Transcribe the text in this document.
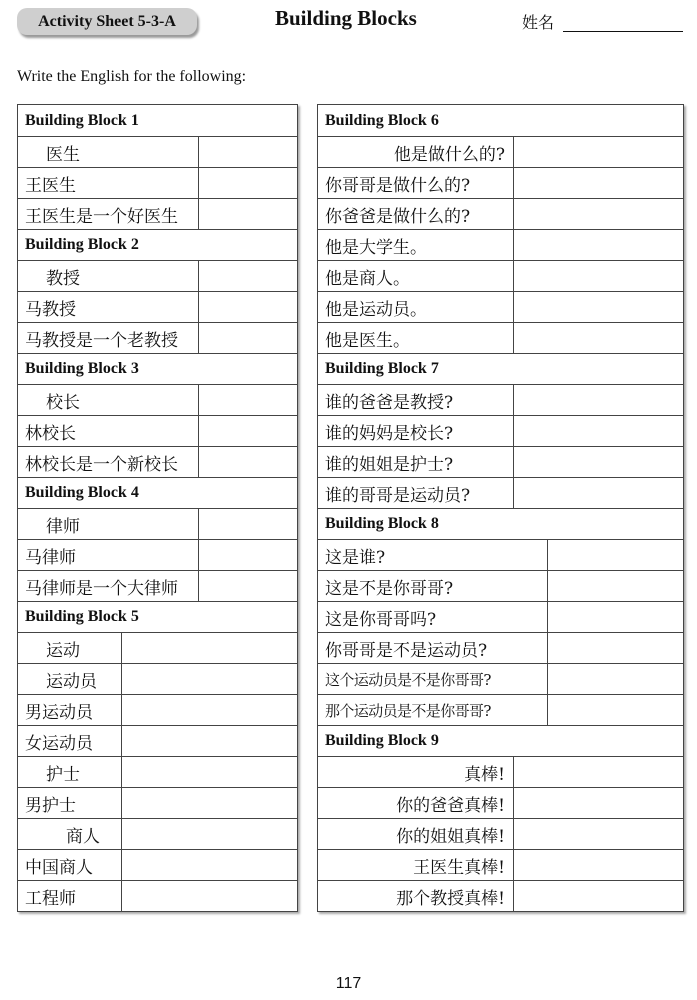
Activity Sheet 5-3-A	Building Blocks	姓名
Write the English for the following:
Building Block 1
医生
王医生
王医生是一个好医生
Building Block 2
教授
马教授
马教授是一个老教授
Building Block 3
校长
林校长
林校长是一个新校长
Building Block 4
律师
马律师
马律师是一个大律师
Building Block 5
运动
运动员
男运动员
女运动员
护士
男护士
商人
中国商人
工程师
Building Block 6
他是做什么的?
你哥哥是做什么的?
你爸爸是做什么的?
他是大学生。
他是商人。
他是运动员。
他是医生。
Building Block 7
谁的爸爸是教授?
谁的妈妈是校长?
谁的姐姐是护士?
谁的哥哥是运动员?
Building Block 8
这是谁?
这是不是你哥哥?
这是你哥哥吗?
你哥哥是不是运动员?
这个运动员是不是你哥哥?
那个运动员是不是你哥哥?
Building Block 9
真棒!
你的爸爸真棒!
你的姐姐真棒!
王医生真棒!
那个教授真棒!
117
